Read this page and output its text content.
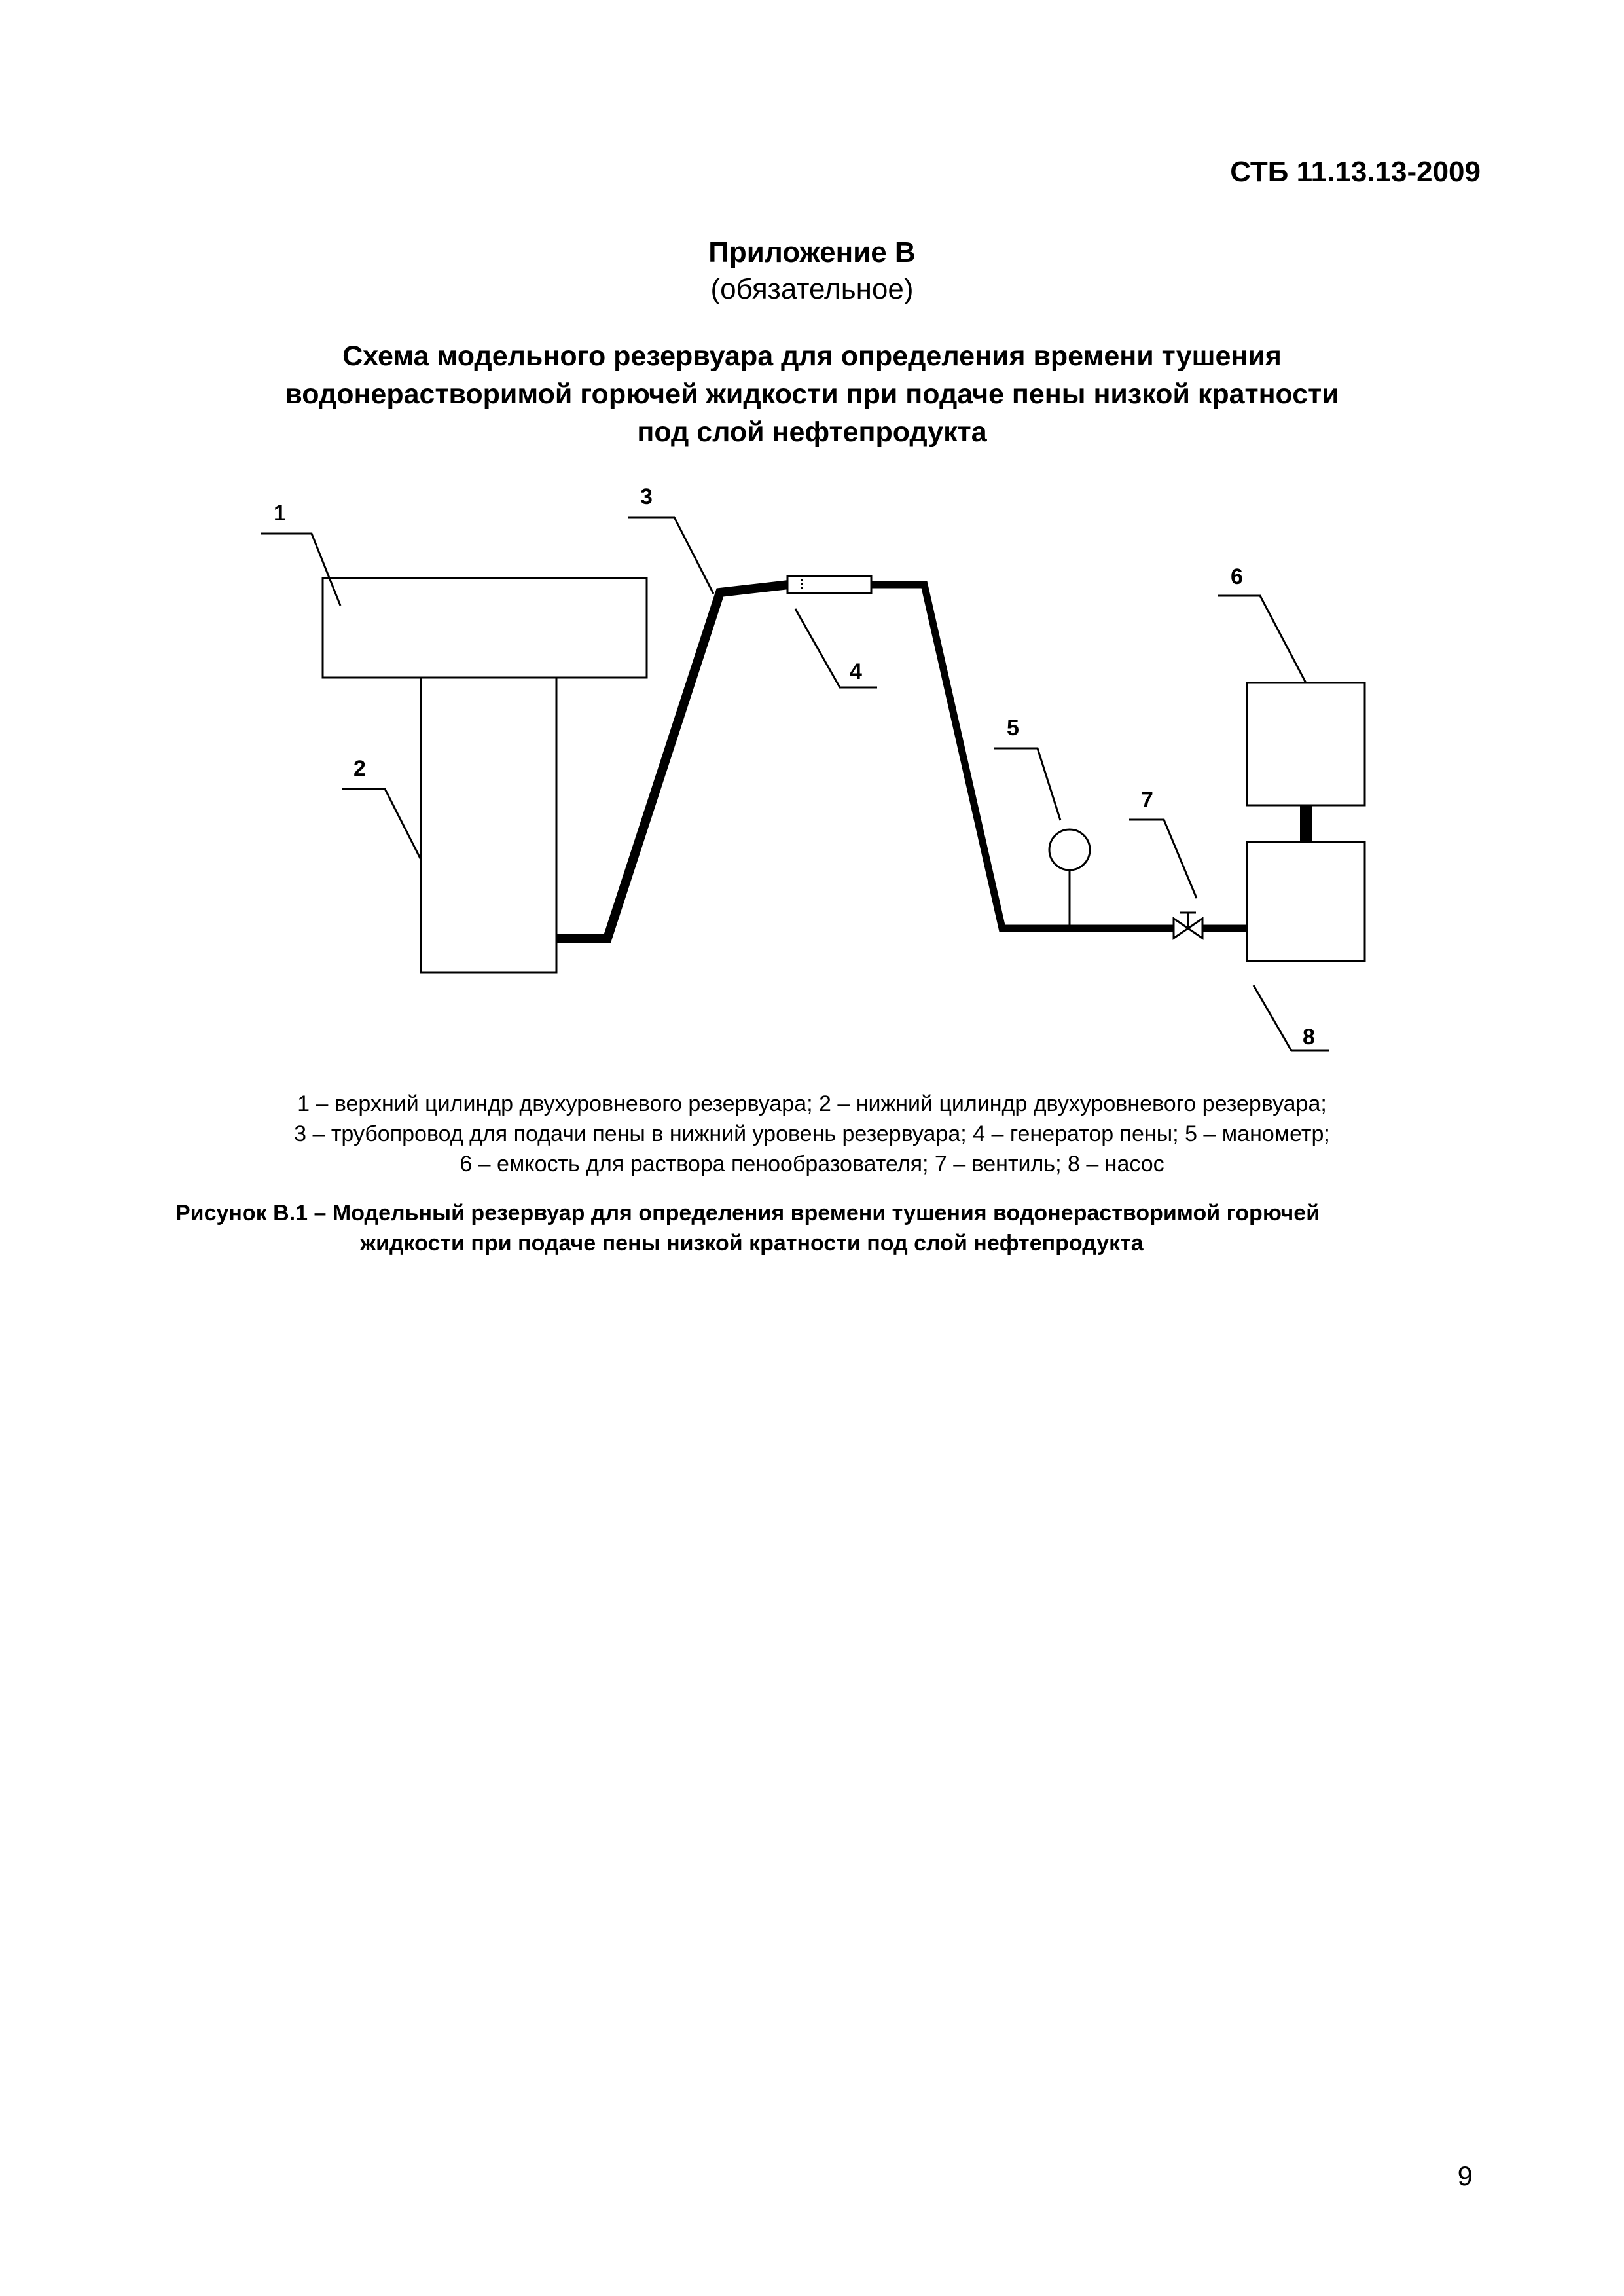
СТБ 11.13.13-2009
Приложение В
(обязательное)
Схема модельного резервуара для определения времени тушения
водонерастворимой горючей жидкости при подаче пены низкой кратности
под слой нефтепродукта
1
2
3
4
5
6
7
8
1 – верхний цилиндр двухуровневого резервуара; 2 – нижний цилиндр двухуровневого резервуара;
3 – трубопровод для подачи пены в нижний уровень резервуара; 4 – генератор пены; 5 – манометр;
6 – емкость для раствора пенообразователя; 7 – вентиль; 8 – насос
Рисунок В.1 – Модельный резервуар для определения времени тушения водонерастворимой горючей
жидкости при подаче пены низкой кратности под слой нефтепродукта
9
